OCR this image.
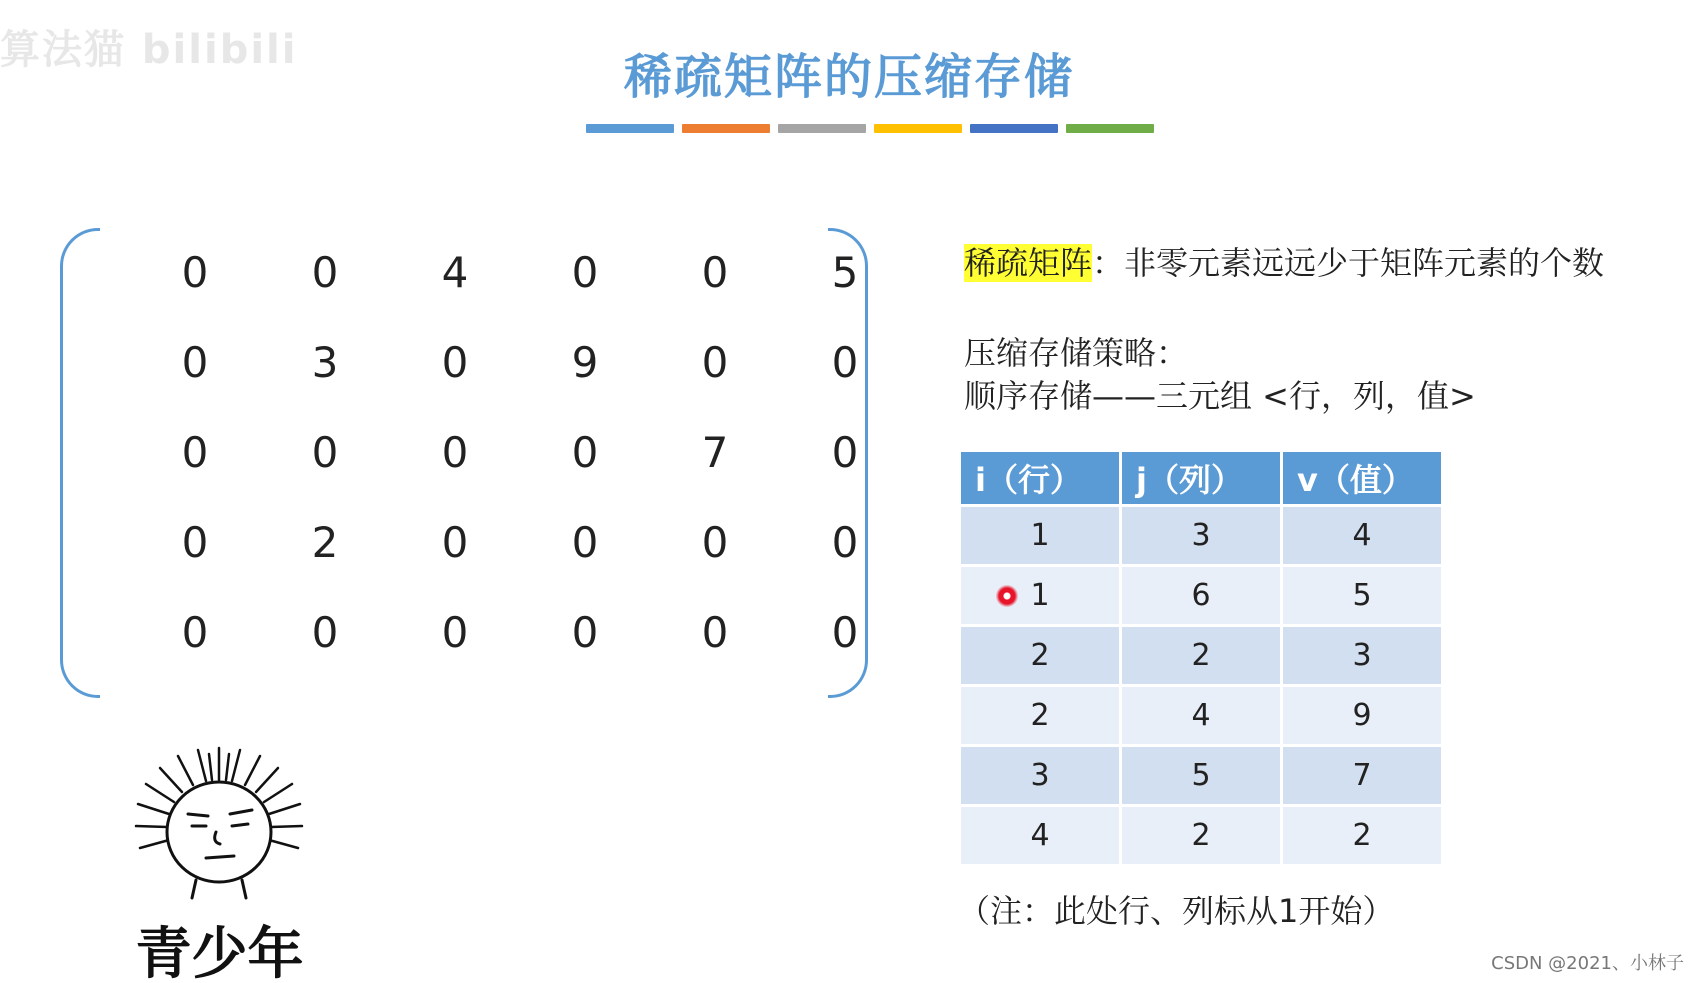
算法猫 bilibili	稀疏矩阵的压缩存储
0	0	4	0	0	5
0	3	0	9	0	0
0	0	0	0	7	0
0	2	0	0	0	0
0	0	0	0	0	0
稀疏矩阵：非零元素远远少于矩阵元素的个数
压缩存储策略：
顺序存储——三元组 <行，列，值>
i（行）	j（列）	v（值）
1	3	4
1	6	5
2	2	3
2	4	9
3	5	7
4	2	2
（注：此处行、列标从1开始）
青少年	CSDN @2021、小林子
